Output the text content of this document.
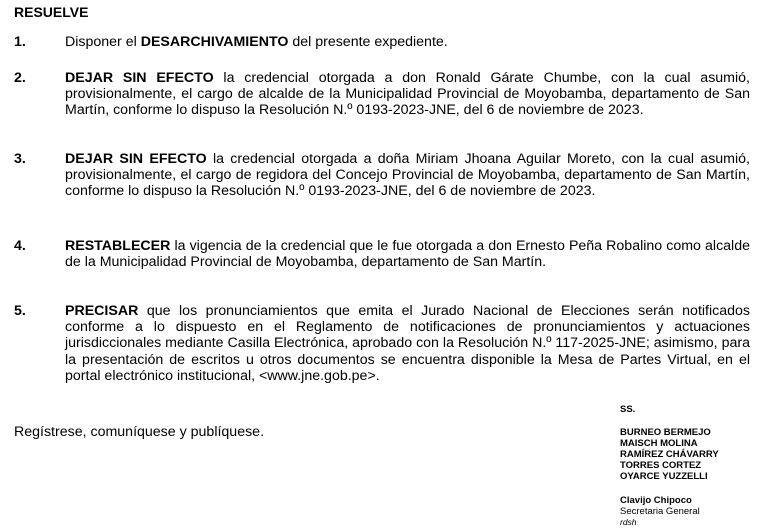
RESUELVE
1.	Disponer el DESARCHIVAMIENTO del presente expediente.
2.	DEJAR SIN EFECTO la credencial otorgada a don Ronald Gárate Chumbe, con la cual asumió, provisionalmente, el cargo de alcalde de la Municipalidad Provincial de Moyobamba, departamento de San Martín, conforme lo dispuso la Resolución N.º 0193-2023-JNE, del 6 de noviembre de 2023.
3.	DEJAR SIN EFECTO la credencial otorgada a doña Miriam Jhoana Aguilar Moreto, con la cual asumió, provisionalmente, el cargo de regidora del Concejo Provincial de Moyobamba, departamento de San Martín, conforme lo dispuso la Resolución N.º 0193-2023-JNE, del 6 de noviembre de 2023.
4.	RESTABLECER la vigencia de la credencial que le fue otorgada a don Ernesto Peña Robalino como alcalde de la Municipalidad Provincial de Moyobamba, departamento de San Martín.
5.	PRECISAR que los pronunciamientos que emita el Jurado Nacional de Elecciones serán notificados conforme a lo dispuesto en el Reglamento de notificaciones de pronunciamientos y actuaciones jurisdiccionales mediante Casilla Electrónica, aprobado con la Resolución N.º 117-2025-JNE; asimismo, para la presentación de escritos u otros documentos se encuentra disponible la Mesa de Partes Virtual, en el portal electrónico institucional, <www.jne.gob.pe>.
Regístrese, comuníquese y publíquese.
SS.
BURNEO BERMEJO
MAISCH MOLINA
RAMÍREZ CHÁVARRY
TORRES CORTEZ
OYARCE YUZZELLI
Clavijo Chipoco
Secretaria General
rdsh
